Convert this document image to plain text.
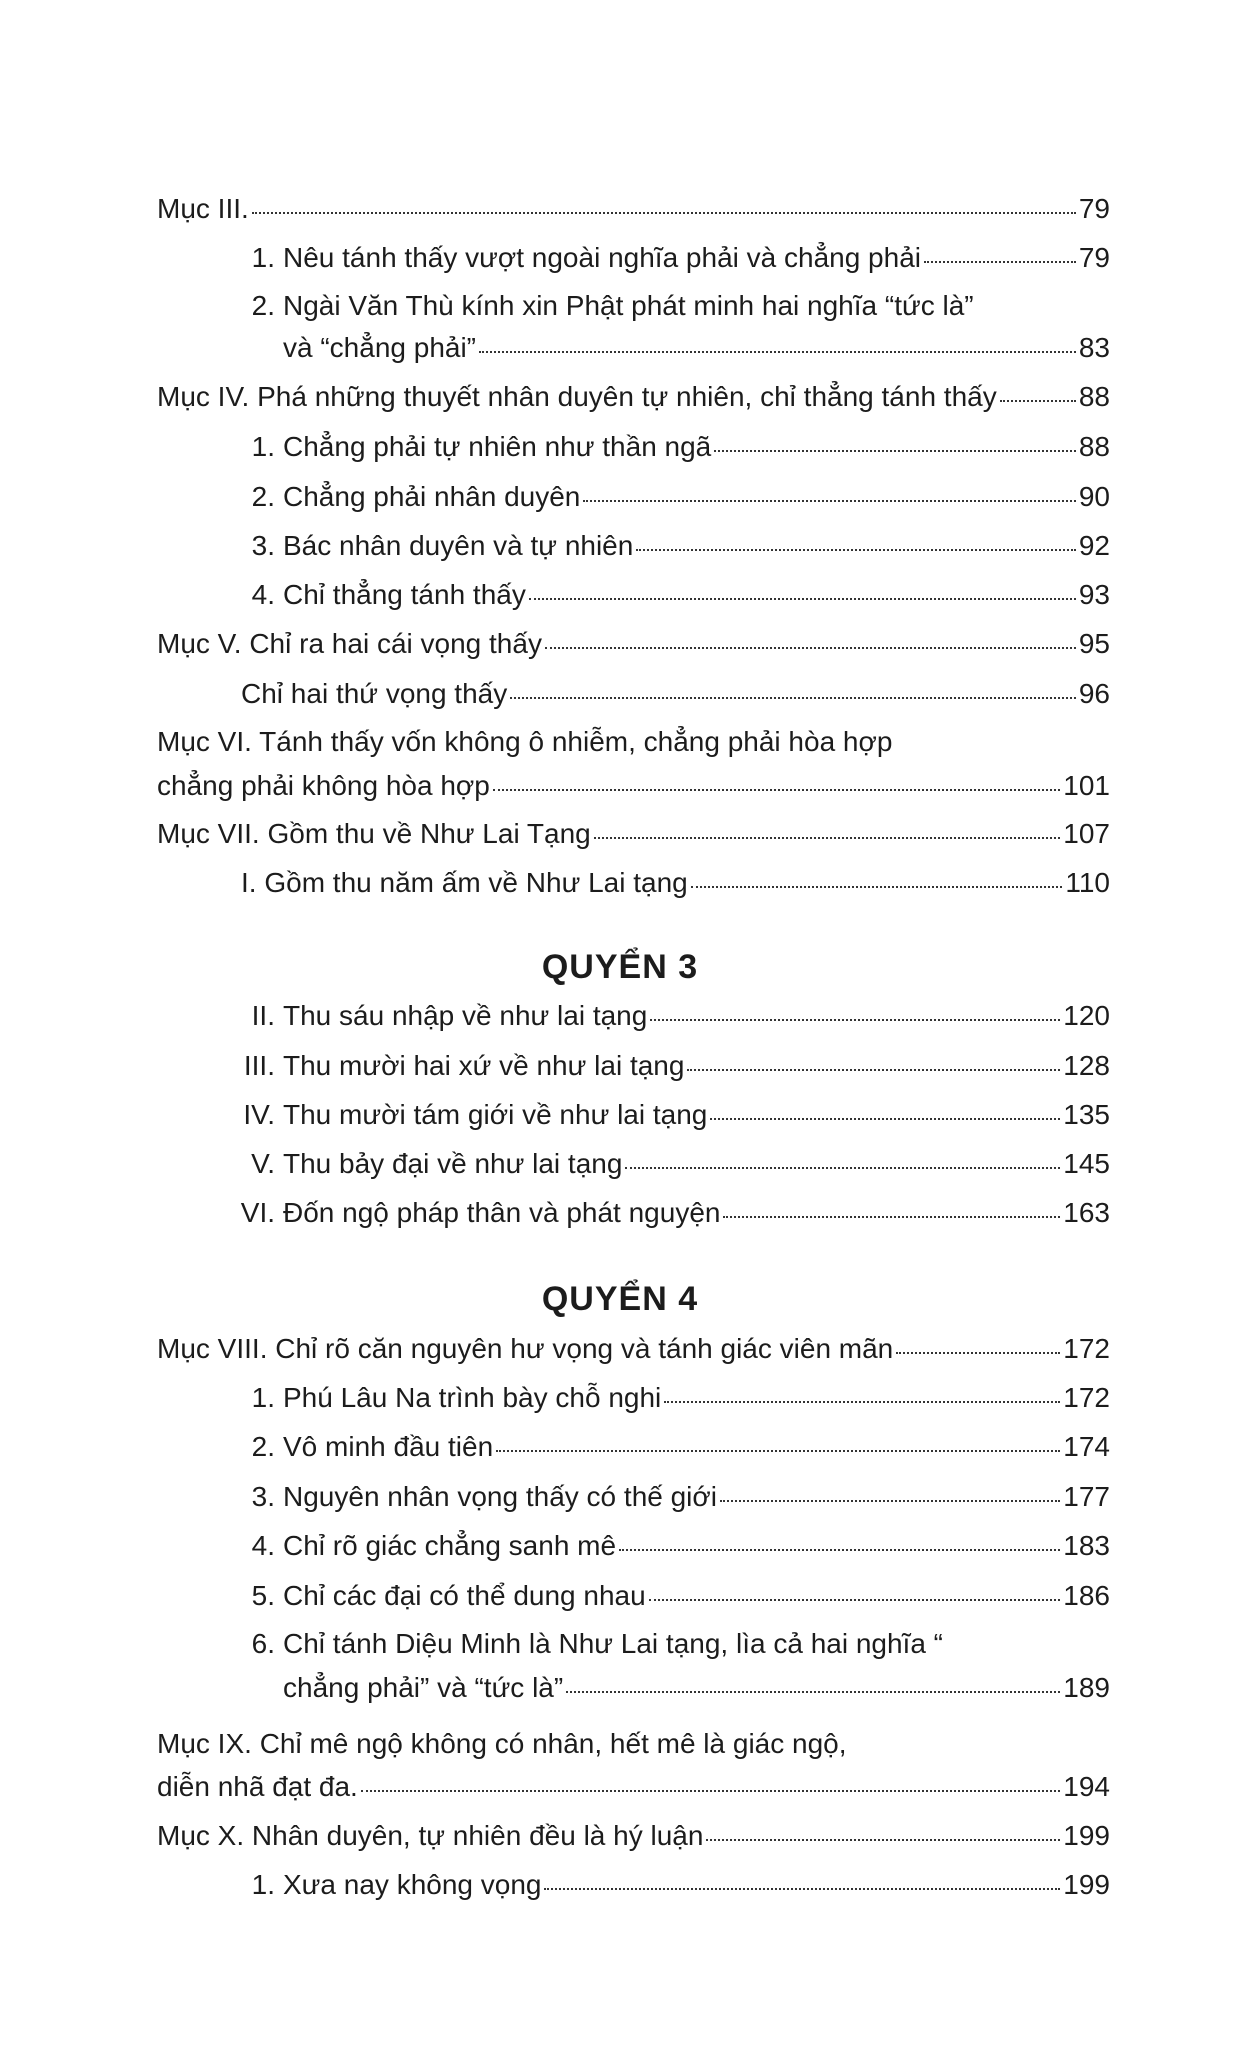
Mục III.	79
1. Nêu tánh thấy vượt ngoài nghĩa phải và chẳng phải	79
2. Ngài Văn Thù kính xin Phật phát minh hai nghĩa “tức là”
và “chẳng phải”	83
Mục IV. Phá những thuyết nhân duyên tự nhiên, chỉ thẳng tánh thấy	88
1. Chẳng phải tự nhiên như thần ngã	88
2. Chẳng phải nhân duyên	90
3. Bác nhân duyên và tự nhiên	92
4. Chỉ thẳng tánh thấy	93
Mục V. Chỉ ra hai cái vọng thấy	95
Chỉ hai thứ vọng thấy	96
Mục VI. Tánh thấy vốn không ô nhiễm, chẳng phải hòa hợp
chẳng phải không hòa hợp	101
Mục VII. Gồm thu về Như Lai Tạng	107
I. Gồm thu năm ấm về Như Lai tạng	110
QUYỂN 3
II. Thu sáu nhập về như lai tạng	120
III. Thu mười hai xứ về như lai tạng	128
IV. Thu mười tám giới về như lai tạng	135
V. Thu bảy đại về như lai tạng	145
VI. Đốn ngộ pháp thân và phát nguyện	163
QUYỂN 4
Mục VIII. Chỉ rõ căn nguyên hư vọng và tánh giác viên mãn	172
1. Phú Lâu Na trình bày chỗ nghi	172
2. Vô minh đầu tiên	174
3. Nguyên nhân vọng thấy có thế giới	177
4. Chỉ rõ giác chẳng sanh mê	183
5. Chỉ các đại có thể dung nhau	186
6. Chỉ tánh Diệu Minh là Như Lai tạng, lìa cả hai nghĩa “
chẳng phải” và “tức là”	189
Mục IX. Chỉ mê ngộ không có nhân, hết mê là giác ngộ,
diễn nhã đạt đa.	194
Mục X. Nhân duyên, tự nhiên đều là hý luận	199
1. Xưa nay không vọng	199
